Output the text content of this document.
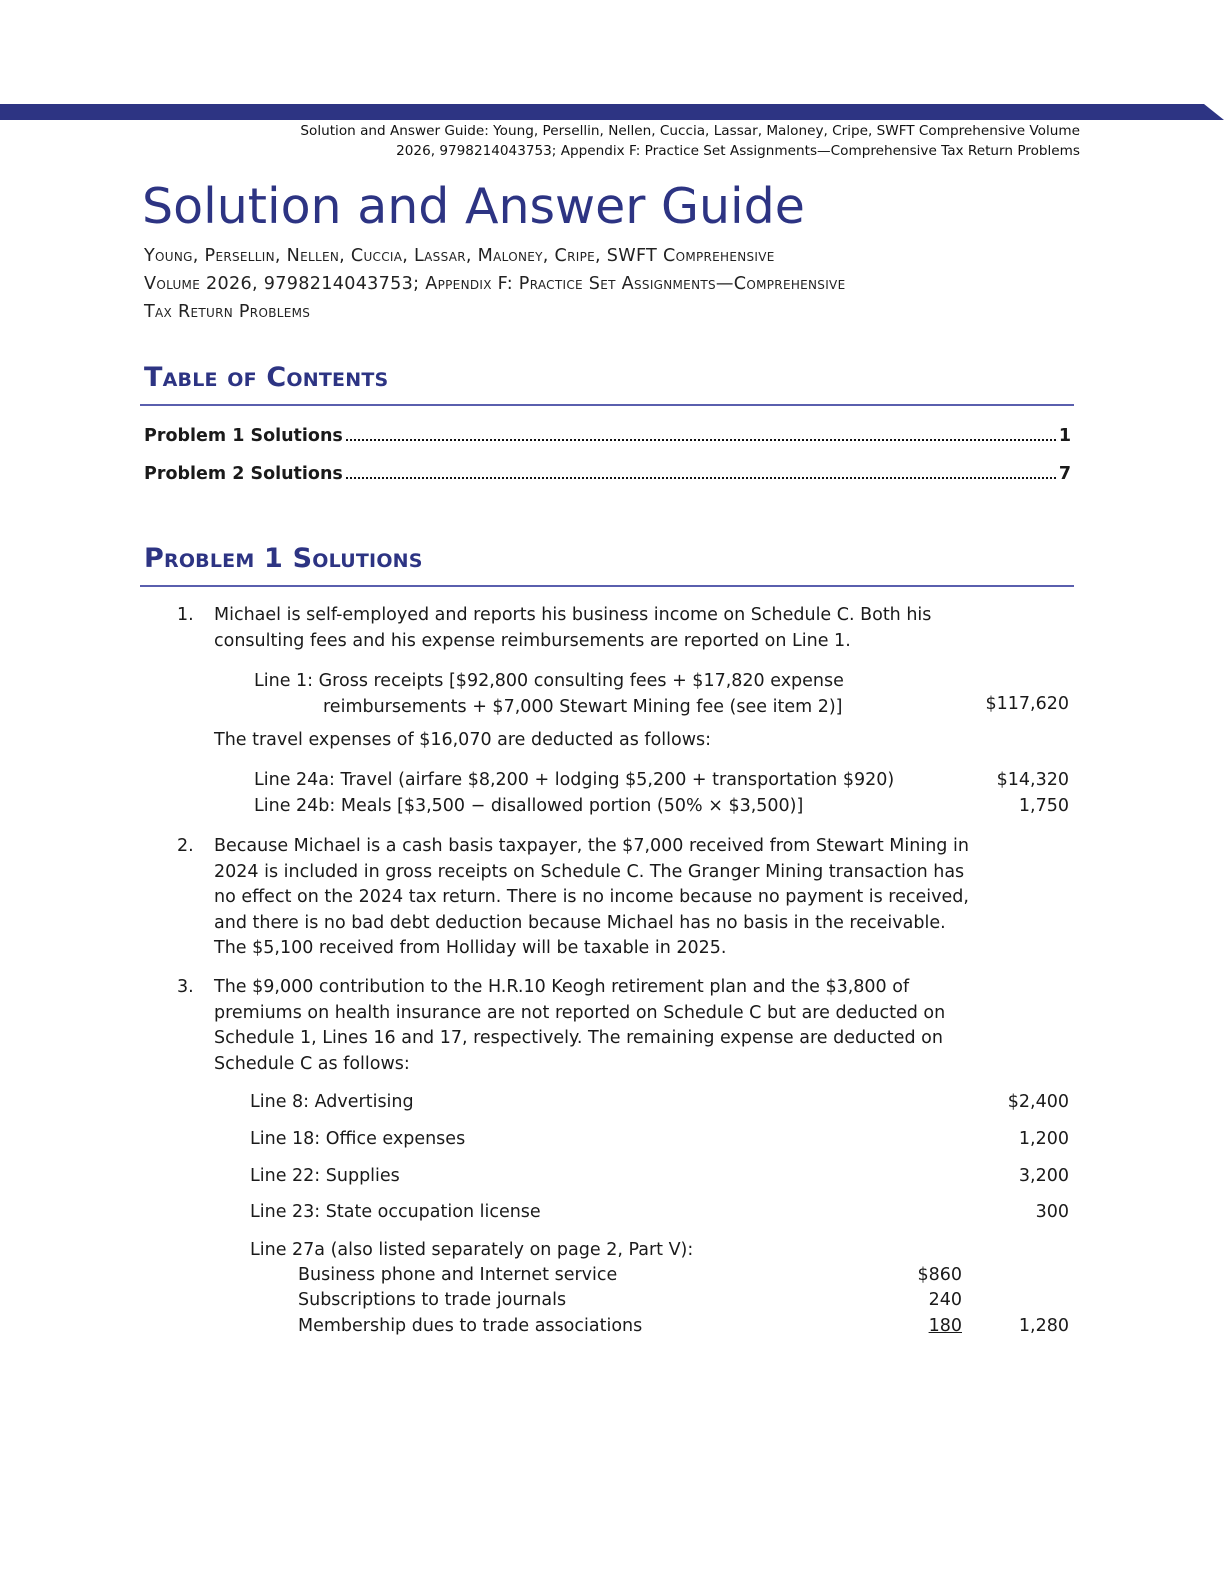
Solution and Answer Guide: Young, Persellin, Nellen, Cuccia, Lassar, Maloney, Cripe, SWFT Comprehensive Volume
2026, 9798214043753; Appendix F: Practice Set Assignments—Comprehensive Tax Return Problems
Solution and Answer Guide
Young, Persellin, Nellen, Cuccia, Lassar, Maloney, Cripe, SWFT Comprehensive
Volume 2026, 9798214043753; Appendix F: Practice Set Assignments—Comprehensive
Tax Return Problems
Table of Contents
Problem 1 Solutions	1
Problem 2 Solutions	7
Problem 1 Solutions
1. Michael is self-employed and reports his business income on Schedule C. Both his
consulting fees and his expense reimbursements are reported on Line 1.
Line 1: Gross receipts [$92,800 consulting fees + $17,820 expense
reimbursements + $7,000 Stewart Mining fee (see item 2)]	$117,620
The travel expenses of $16,070 are deducted as follows:
Line 24a: Travel (airfare $8,200 + lodging $5,200 + transportation $920)	$14,320
Line 24b: Meals [$3,500 − disallowed portion (50% × $3,500)]	1,750
2. Because Michael is a cash basis taxpayer, the $7,000 received from Stewart Mining in
2024 is included in gross receipts on Schedule C. The Granger Mining transaction has
no effect on the 2024 tax return. There is no income because no payment is received,
and there is no bad debt deduction because Michael has no basis in the receivable.
The $5,100 received from Holliday will be taxable in 2025.
3. The $9,000 contribution to the H.R.10 Keogh retirement plan and the $3,800 of
premiums on health insurance are not reported on Schedule C but are deducted on
Schedule 1, Lines 16 and 17, respectively. The remaining expense are deducted on
Schedule C as follows:
Line 8: Advertising	$2,400
Line 18: Office expenses	1,200
Line 22: Supplies	3,200
Line 23: State occupation license	300
Line 27a (also listed separately on page 2, Part V):
Business phone and Internet service	$860
Subscriptions to trade journals	240
Membership dues to trade associations	180	1,280
